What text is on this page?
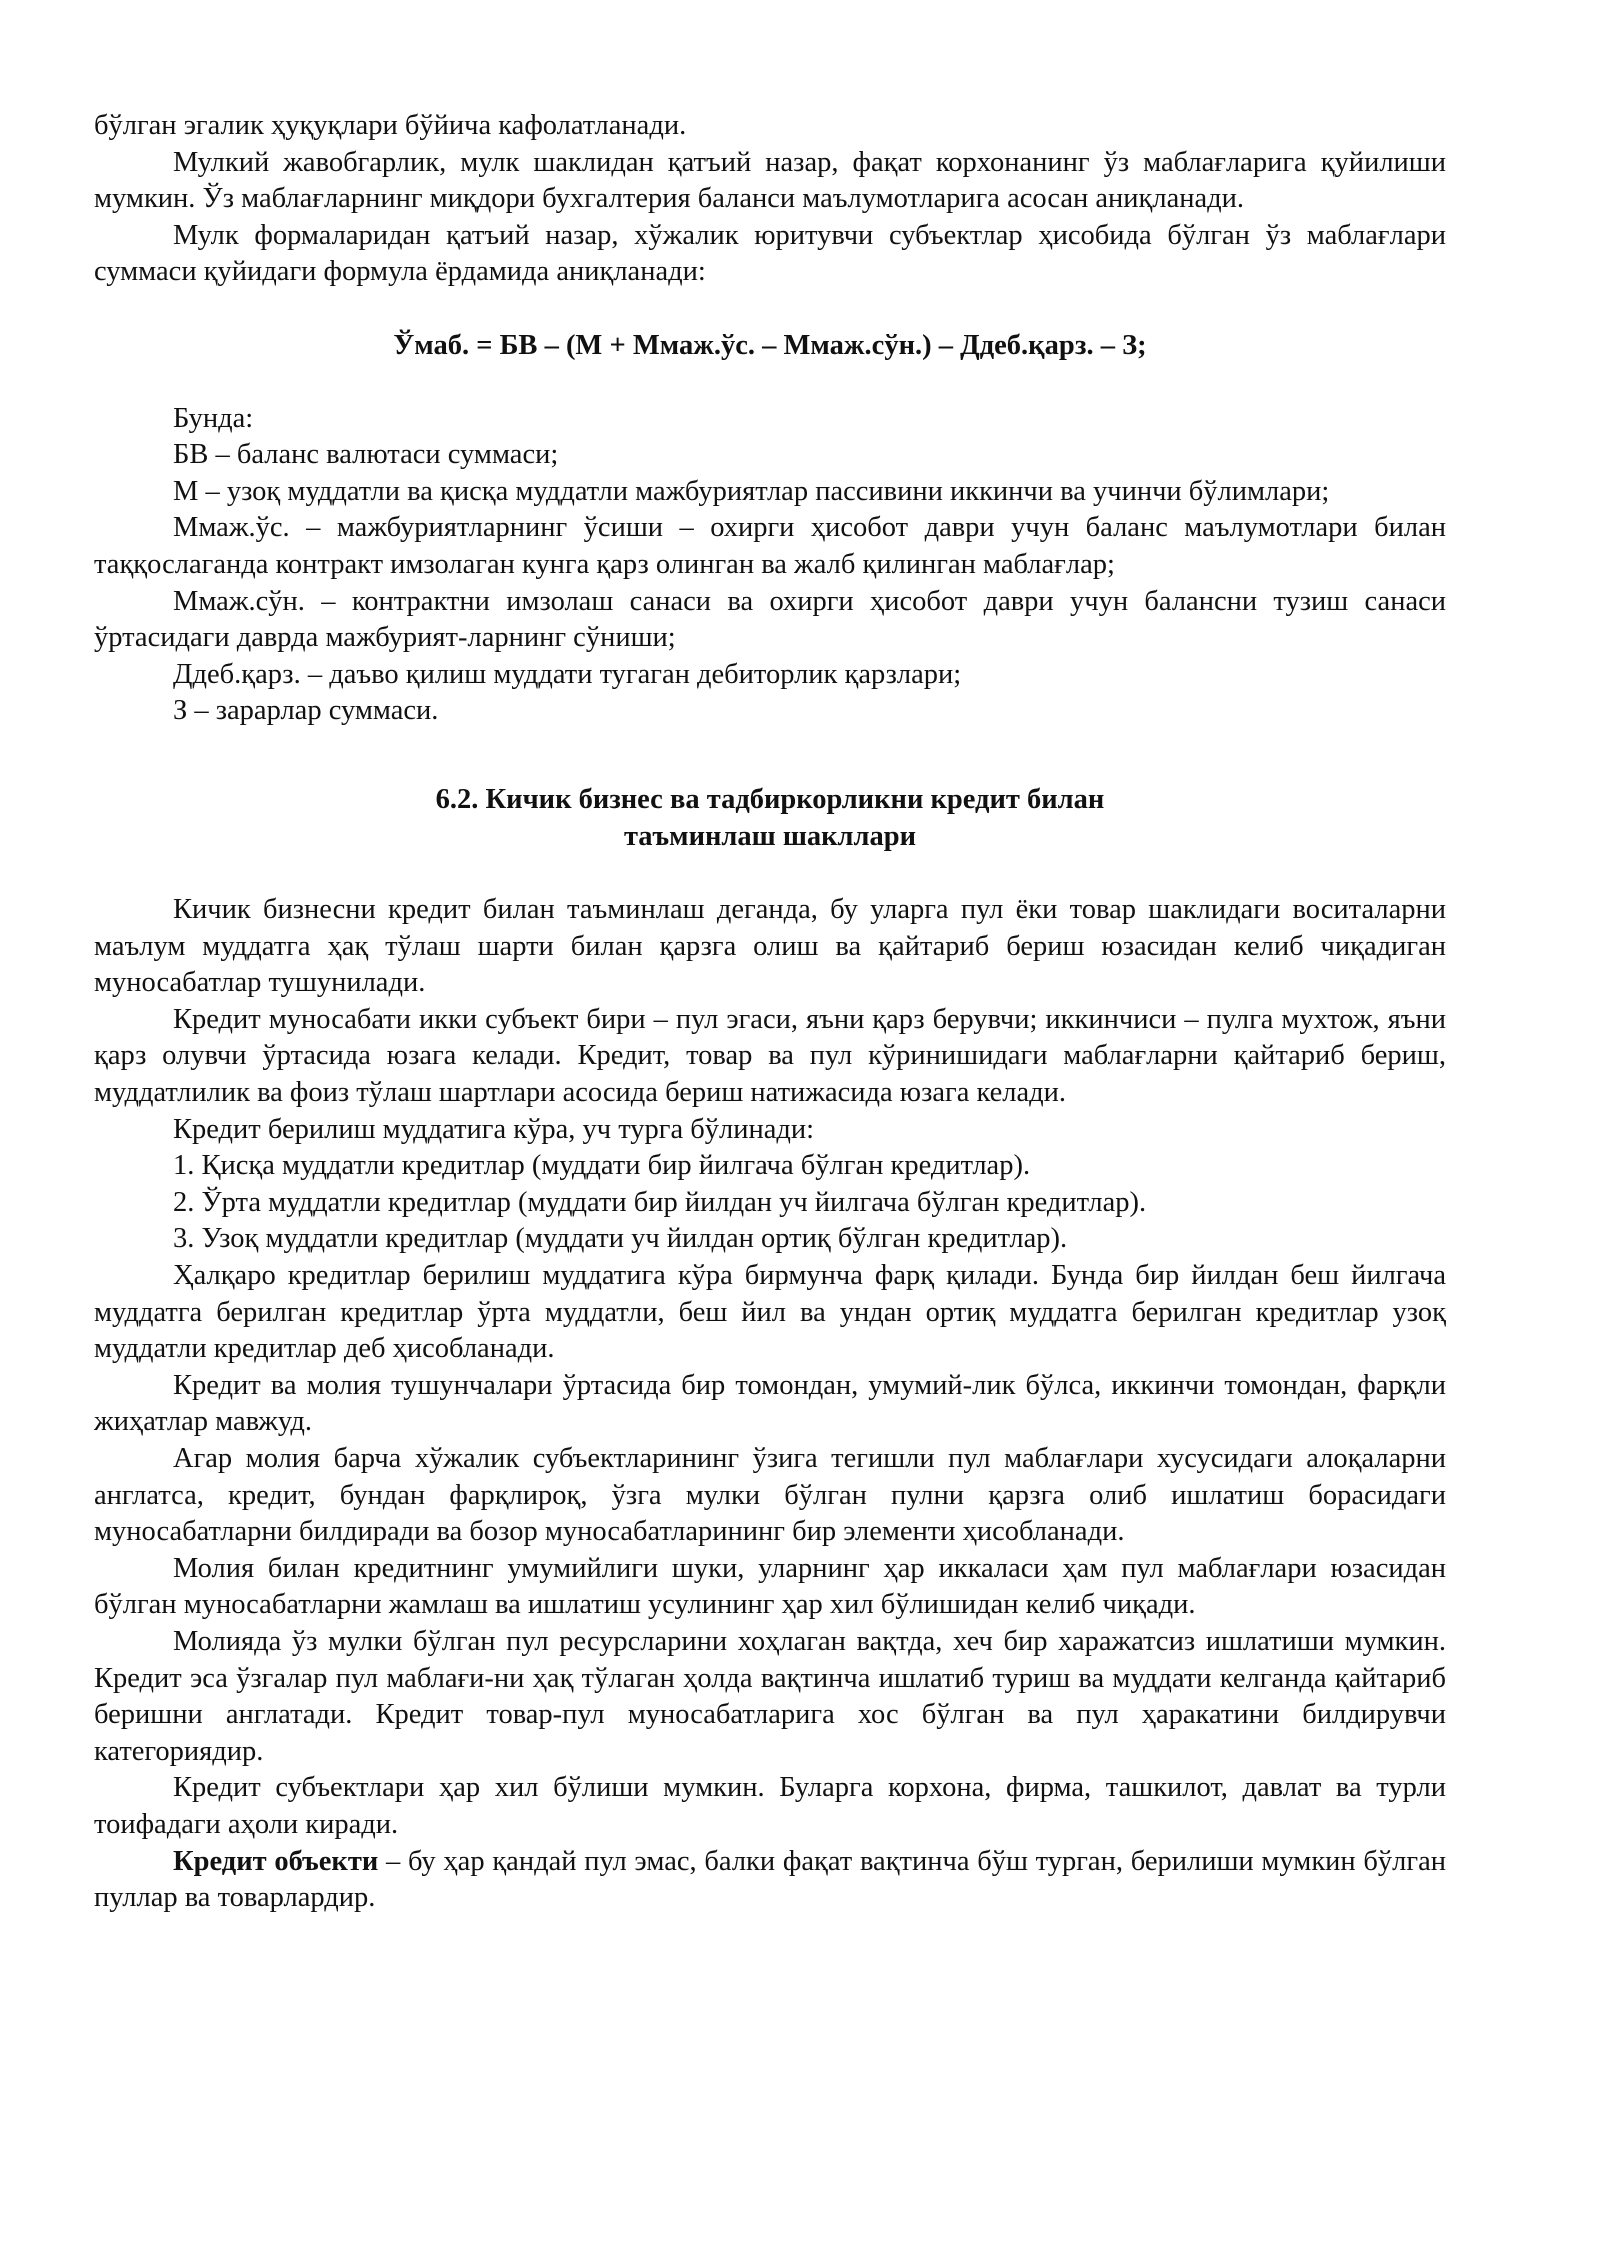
бўлган эгалик ҳуқуқлари бўйича кафолатланади.

Мулкий жавобгарлик, мулк шаклидан қатъий назар, фақат корхонанинг ўз маблағларига қуйилиши мумкин. Ўз маблағларнинг миқдори бухгалтерия баланси маълумотларига асосан аниқланади.

Мулк формаларидан қатъий назар, хўжалик юритувчи субъектлар ҳисобида бўлган ўз маблағлари суммаси қуйидаги формула ёрдамида аниқланади:

Ўмаб. = БВ – (М + Ммаж.ўс. – Ммаж.сўн.) – Ддеб.қарз. – З;

Бунда:

БВ – баланс валютаси суммаси;

М – узоқ муддатли ва қисқа муддатли мажбуриятлар пассивини иккинчи ва учинчи бўлимлари;

Ммаж.ўс. – мажбуриятларнинг ўсиши – охирги ҳисобот даври учун баланс маълумотлари билан таққослаганда контракт имзолаган кунга қарз олинган ва жалб қилинган маблағлар;

Ммаж.сўн. – контрактни имзолаш санаси ва охирги ҳисобот даври учун балансни тузиш санаси ўртасидаги даврда мажбурият-ларнинг сўниши;

Ддеб.қарз. – даъво қилиш муддати тугаган дебиторлик қарзлари;

З – зарарлар суммаси.

6.2. Кичик бизнес ва тадбиркорликни кредит билан
таъминлаш шакллари

Кичик бизнесни кредит билан таъминлаш деганда, бу уларга пул ёки товар шаклидаги воситаларни маълум муддатга ҳақ тўлаш шарти билан қарзга олиш ва қайтариб бериш юзасидан келиб чиқадиган муносабатлар тушунилади.

Кредит муносабати икки субъект бири – пул эгаси, яъни қарз берувчи; иккинчиси – пулга мухтож, яъни қарз олувчи ўртасида юзага келади. Кредит, товар ва пул кўринишидаги маблағларни қайтариб бериш, муддатлилик ва фоиз тўлаш шартлари асосида бериш натижасида юзага келади.

Кредит берилиш муддатига кўра, уч турга бўлинади:

1. Қисқа муддатли кредитлар (муддати бир йилгача бўлган кредитлар).

2. Ўрта муддатли кредитлар (муддати бир йилдан уч йилгача бўлган кредитлар).

3. Узоқ муддатли кредитлар (муддати уч йилдан ортиқ бўлган кредитлар).

Ҳалқаро кредитлар берилиш муддатига кўра бирмунча фарқ қилади. Бунда бир йилдан беш йилгача муддатга берилган кредитлар ўрта муддатли, беш йил ва ундан ортиқ муддатга берилган кредитлар узоқ муддатли кредитлар деб ҳисобланади.

Кредит ва молия тушунчалари ўртасида бир томондан, умумий-лик бўлса, иккинчи томондан, фарқли жиҳатлар мавжуд.

Агар молия барча хўжалик субъектларининг ўзига тегишли пул маблағлари хусусидаги алоқаларни англатса, кредит, бундан фарқлироқ, ўзга мулки бўлган пулни қарзга олиб ишлатиш борасидаги муносабатларни билдиради ва бозор муносабатларининг бир элементи ҳисобланади.

Молия билан кредитнинг умумийлиги шуки, уларнинг ҳар иккаласи ҳам пул маблағлари юзасидан бўлган муносабатларни жамлаш ва ишлатиш усулининг ҳар хил бўлишидан келиб чиқади.

Молияда ўз мулки бўлган пул ресурсларини хоҳлаган вақтда, хеч бир харажатсиз ишлатиши мумкин. Кредит эса ўзгалар пул маблағи-ни ҳақ тўлаган ҳолда вақтинча ишлатиб туриш ва муддати келганда қайтариб беришни англатади. Кредит товар-пул муносабатларига хос бўлган ва пул ҳаракатини билдирувчи категориядир.

Кредит субъектлари ҳар хил бўлиши мумкин. Буларга корхона, фирма, ташкилот, давлат ва турли тоифадаги аҳоли киради.

Кредит объекти – бу ҳар қандай пул эмас, балки фақат вақтинча бўш турган, берилиши мумкин бўлган пуллар ва товарлардир.
